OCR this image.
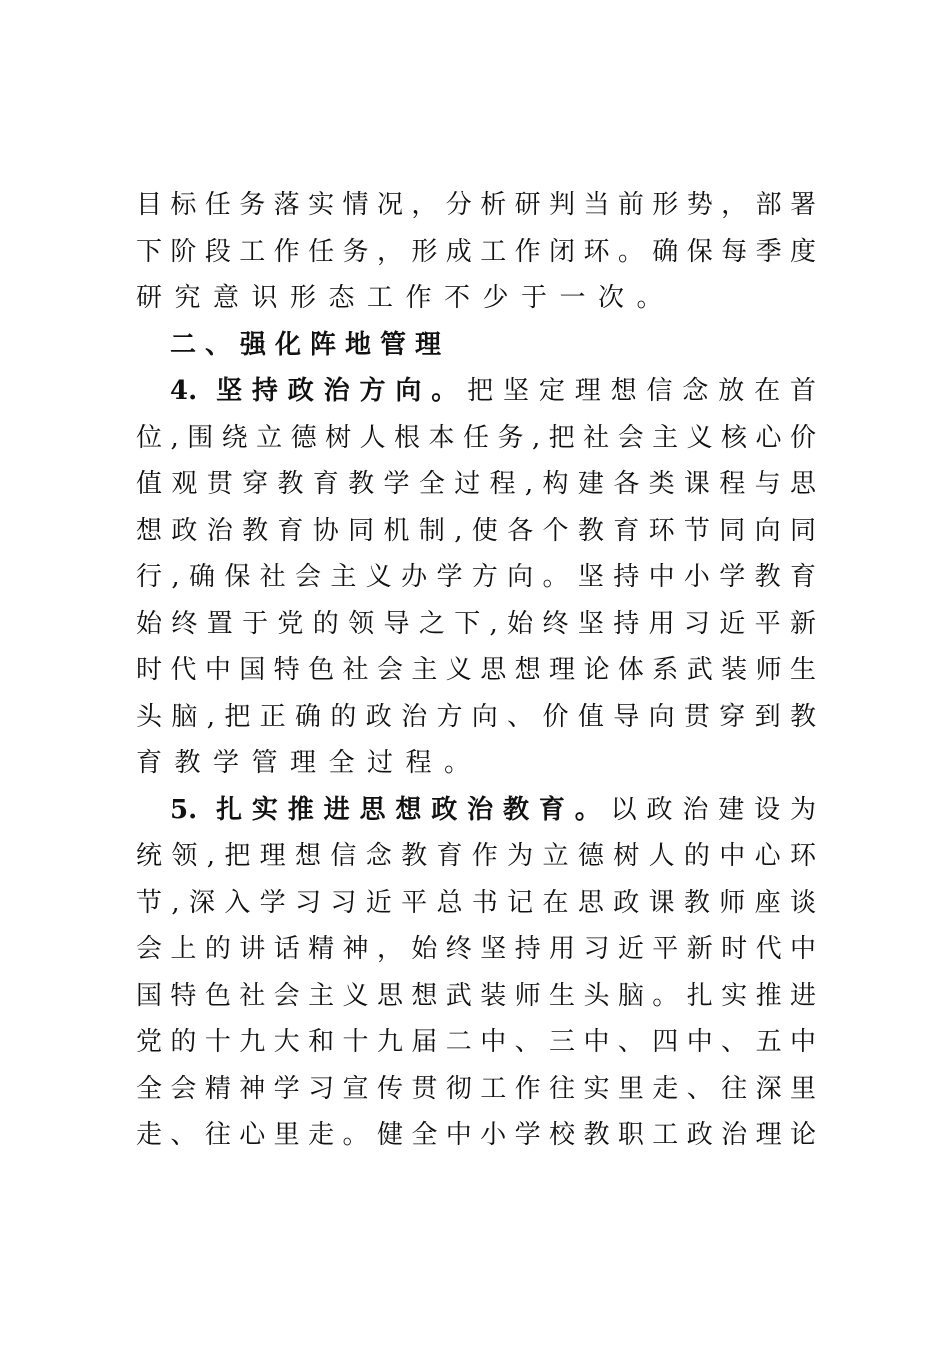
目标任务落实情况，分析研判当前形势，部署
下阶段工作任务，形成工作闭环。确保每季度
研究意识形态工作不少于一次。
二、强化阵地管理
4. 坚持政治方向。把坚定理想信念放在首
位,围绕立德树人根本任务,把社会主义核心价
值观贯穿教育教学全过程,构建各类课程与思
想政治教育协同机制,使各个教育环节同向同
行,确保社会主义办学方向。坚持中小学教育
始终置于党的领导之下,始终坚持用习近平新
时代中国特色社会主义思想理论体系武装师生
头脑,把正确的政治方向、价值导向贯穿到教
育教学管理全过程。
5. 扎实推进思想政治教育。以政治建设为
统领,把理想信念教育作为立德树人的中心环
节,深入学习习近平总书记在思政课教师座谈
会上的讲话精神，始终坚持用习近平新时代中
国特色社会主义思想武装师生头脑。扎实推进
党的十九大和十九届二中、三中、四中、五中
全会精神学习宣传贯彻工作往实里走、往深里
走、往心里走。健全中小学校教职工政治理论
